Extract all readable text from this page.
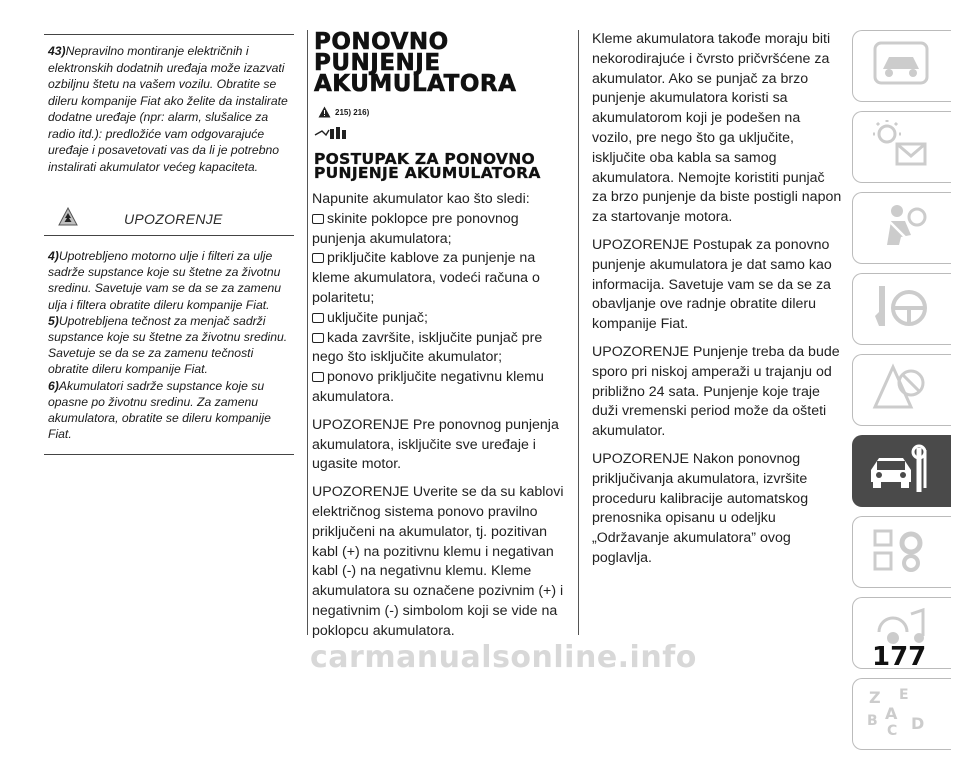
43)Nepravilno montiranje električnih i elektronskih dodatnih uređaja može izazvati ozbiljnu štetu na vašem vozilu. Obratite se dileru kompanije Fiat ako želite da instalirate dodatne uređaje (npr: alarm, slušalice za radio itd.): predložiće vam odgovarajuće uređaje i posavetovati vas da li je potrebno instalirati akumulator većeg kapaciteta.

UPOZORENJE

4)Upotrebljeno motorno ulje i filteri za ulje sadrže supstance koje su štetne za životnu sredinu. Savetuje vam se da se za zamenu ulja i filtera obratite dileru kompanije Fiat.

5)Upotrebljena tečnost za menjač sadrži supstance koje su štetne za životnu sredinu. Savetuje se da se za zamenu tečnosti obratite dileru kompanije Fiat.

6)Akumulatori sadrže supstance koje su opasne po životnu sredinu. Za zamenu akumulatora, obratite se dileru kompanije Fiat.

PONOVNO PUNJENJE AKUMULATORA
215) 216)
POSTUPAK ZA PONOVNO PUNJENJE AKUMULATORA

Napunite akumulator kao što sledi:

skinite poklopce pre ponovnog punjenja akumulatora;

priključite kablove za punjenje na kleme akumulatora, vodeći računa o polaritetu;

uključite punjač;

kada završite, isključite punjač pre nego što isključite akumulator;

ponovo priključite negativnu klemu akumulatora.

UPOZORENJE Pre ponovnog punjenja akumulatora, isključite sve uređaje i ugasite motor.

UPOZORENJE Uverite se da su kablovi električnog sistema ponovo pravilno priključeni na akumulator, tj. pozitivan kabl (+) na pozitivnu klemu i negativan kabl (-) na negativnu klemu. Kleme akumulatora su označene pozivnim (+) i negativnim (-) simbolom koji se vide na poklopcu akumulatora.

Kleme akumulatora takođe moraju biti nekorodirajuće i čvrsto pričvršćene za akumulator. Ako se punjač za brzo punjenje akumulatora koristi sa akumulatorom koji je podešen na vozilo, pre nego što ga uključite, isključite oba kabla sa samog akumulatora. Nemojte koristiti punjač za brzo punjenje da biste postigli napon za startovanje motora.

UPOZORENJE Postupak za ponovno punjenje akumulatora je dat samo kao informacija. Savetuje vam se da se za obavljanje ove radnje obratite dileru kompanije Fiat.

UPOZORENJE Punjenje treba da bude sporo pri niskoj amperaži u trajanju od približno 24 sata. Punjenje koje traje duži vremenski period može da ošteti akumulator.

UPOZORENJE Nakon ponovnog priključivanja akumulatora, izvršite proceduru kalibracije automatskog prenosnika opisanu u odeljku „Održavanje akumulatora” ovog poglavlja.

Z E
A
B
C D
carmanualsonline.info	177
